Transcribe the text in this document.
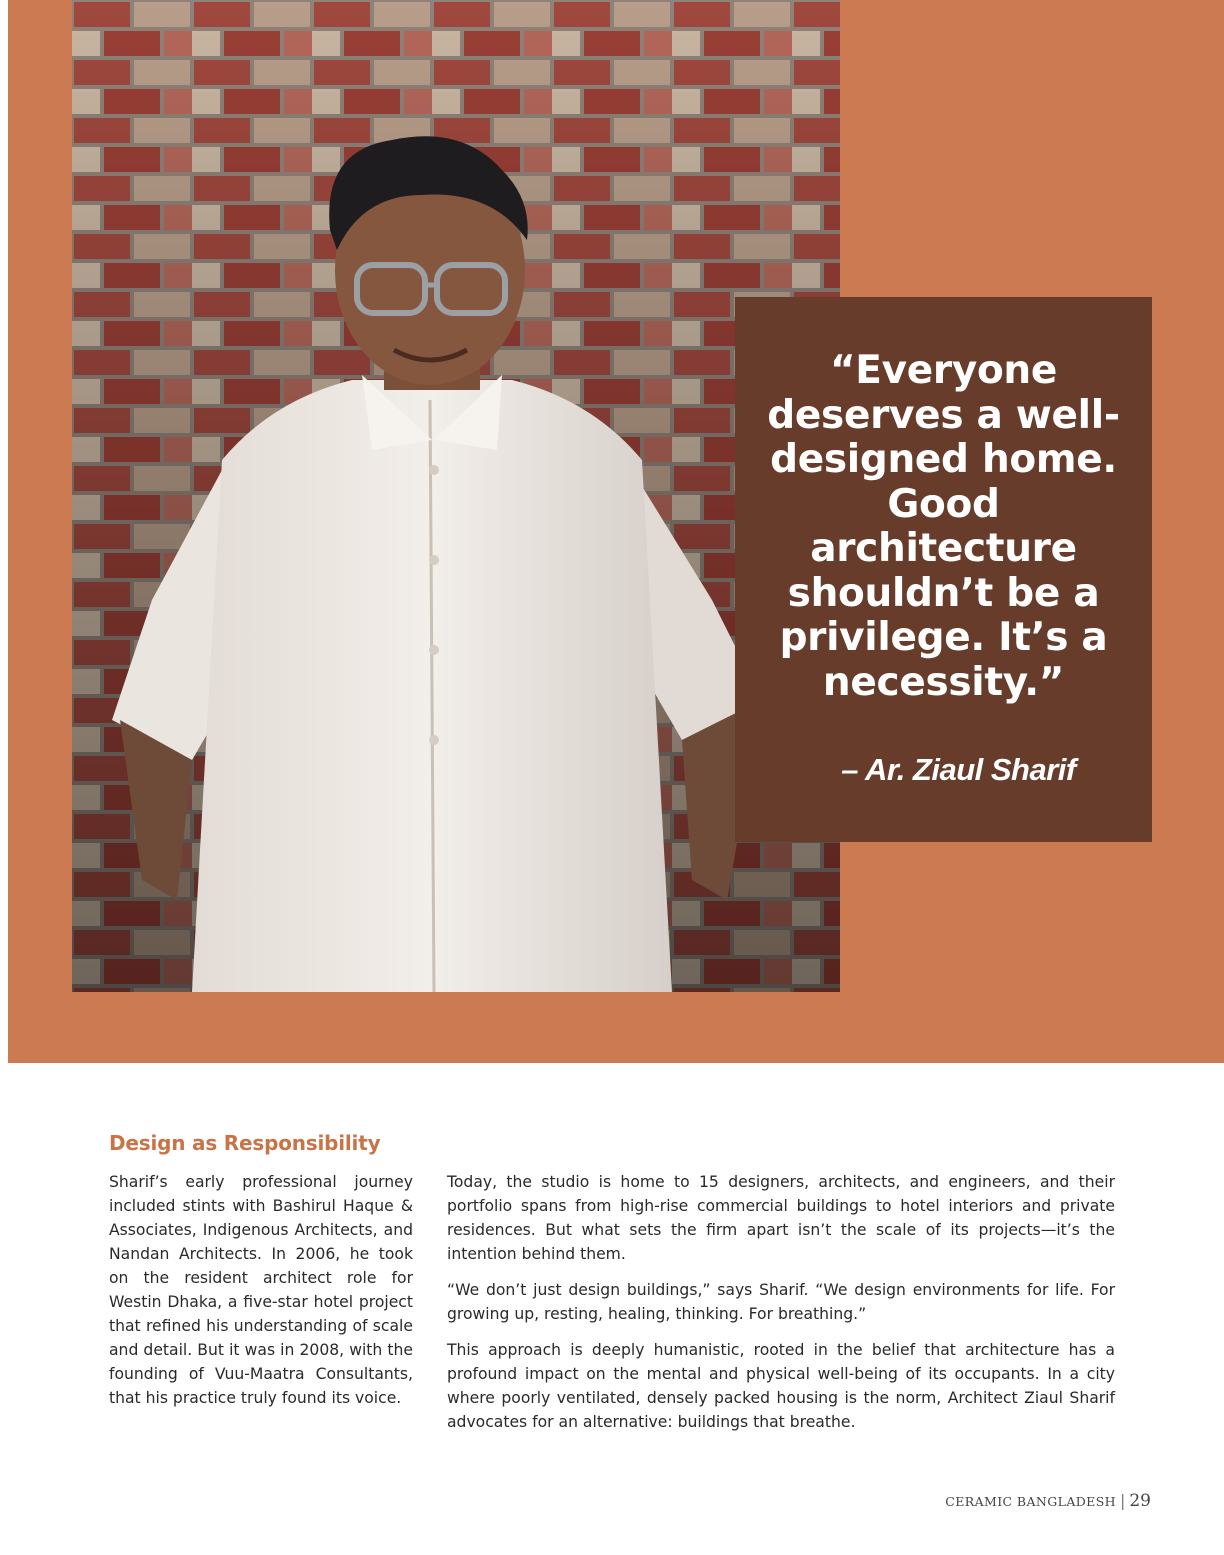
“Everyone deserves a well-designed home. Good architecture shouldn’t be a privilege. It’s a necessity.”
– Ar. Ziaul Sharif
Design as Responsibility

Sharif’s early professional journey included stints with Bashirul Haque & Associates, Indigenous Architects, and Nandan Architects. In 2006, he took on the resident architect role for Westin Dhaka, a five-star hotel project that refined his understanding of scale and detail. But it was in 2008, with the founding of Vuu-Maatra Consultants, that his practice truly found its voice.

Today, the studio is home to 15 designers, architects, and engineers, and their portfolio spans from high-rise commercial buildings to hotel interiors and private residences. But what sets the firm apart isn’t the scale of its projects—it’s the intention behind them.

“We don’t just design buildings,” says Sharif. “We design environments for life. For growing up, resting, healing, thinking. For breathing.”

This approach is deeply humanistic, rooted in the belief that architecture has a profound impact on the mental and physical well-being of its occupants. In a city where poorly ventilated, densely packed housing is the norm, Architect Ziaul Sharif advocates for an alternative: buildings that breathe.

CERAMIC BANGLADESH | 29
